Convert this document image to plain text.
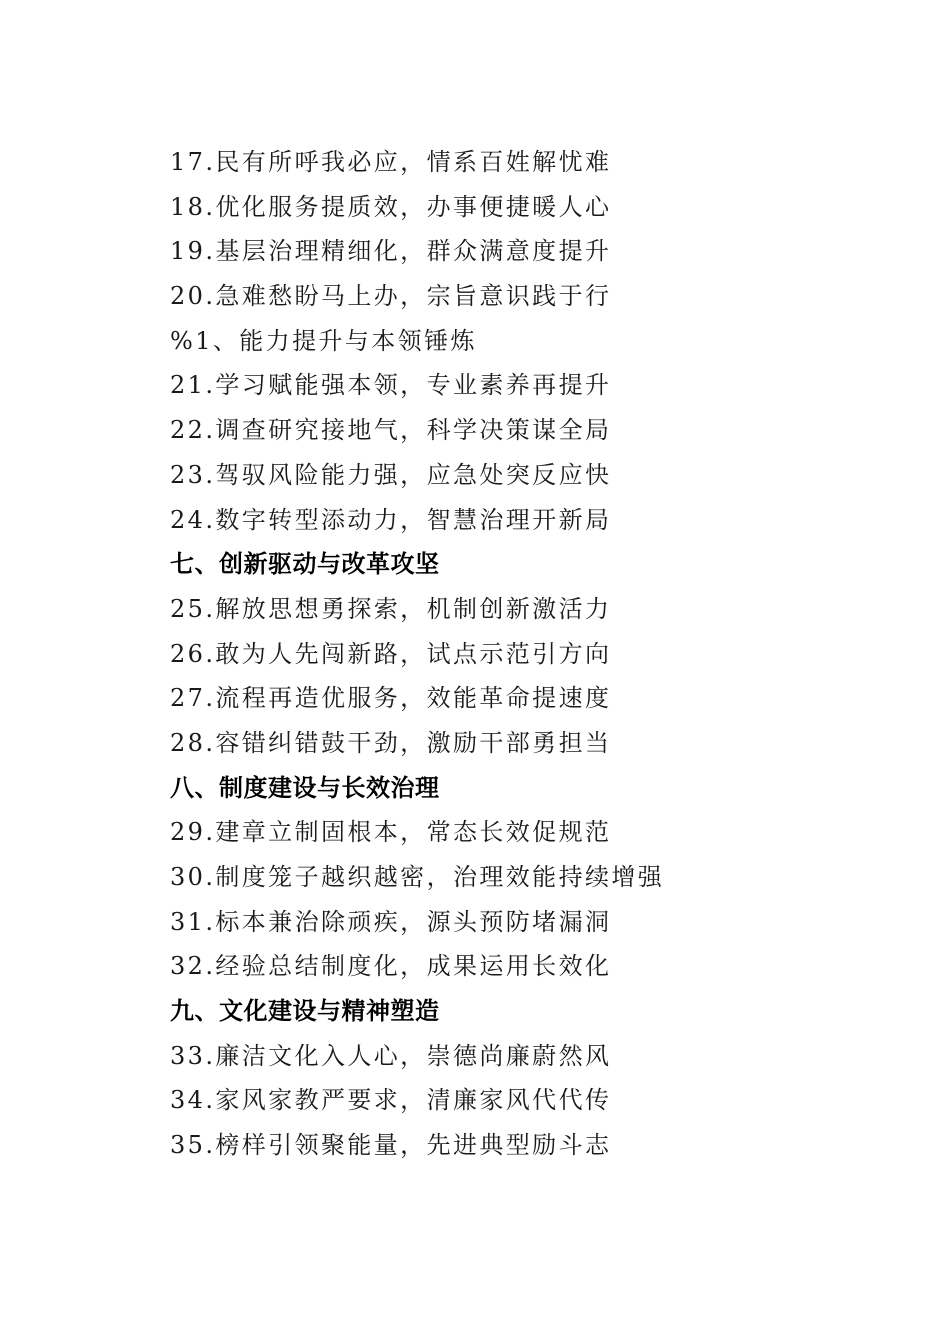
17.民有所呼我必应，情系百姓解忧难
18.优化服务提质效，办事便捷暖人心
19.基层治理精细化，群众满意度提升
20.急难愁盼马上办，宗旨意识践于行
%1、能力提升与本领锤炼
21.学习赋能强本领，专业素养再提升
22.调查研究接地气，科学决策谋全局
23.驾驭风险能力强，应急处突反应快
24.数字转型添动力，智慧治理开新局
七、创新驱动与改革攻坚
25.解放思想勇探索，机制创新激活力
26.敢为人先闯新路，试点示范引方向
27.流程再造优服务，效能革命提速度
28.容错纠错鼓干劲，激励干部勇担当
八、制度建设与长效治理
29.建章立制固根本，常态长效促规范
30.制度笼子越织越密，治理效能持续增强
31.标本兼治除顽疾，源头预防堵漏洞
32.经验总结制度化，成果运用长效化
九、文化建设与精神塑造
33.廉洁文化入人心，崇德尚廉蔚然风
34.家风家教严要求，清廉家风代代传
35.榜样引领聚能量，先进典型励斗志
